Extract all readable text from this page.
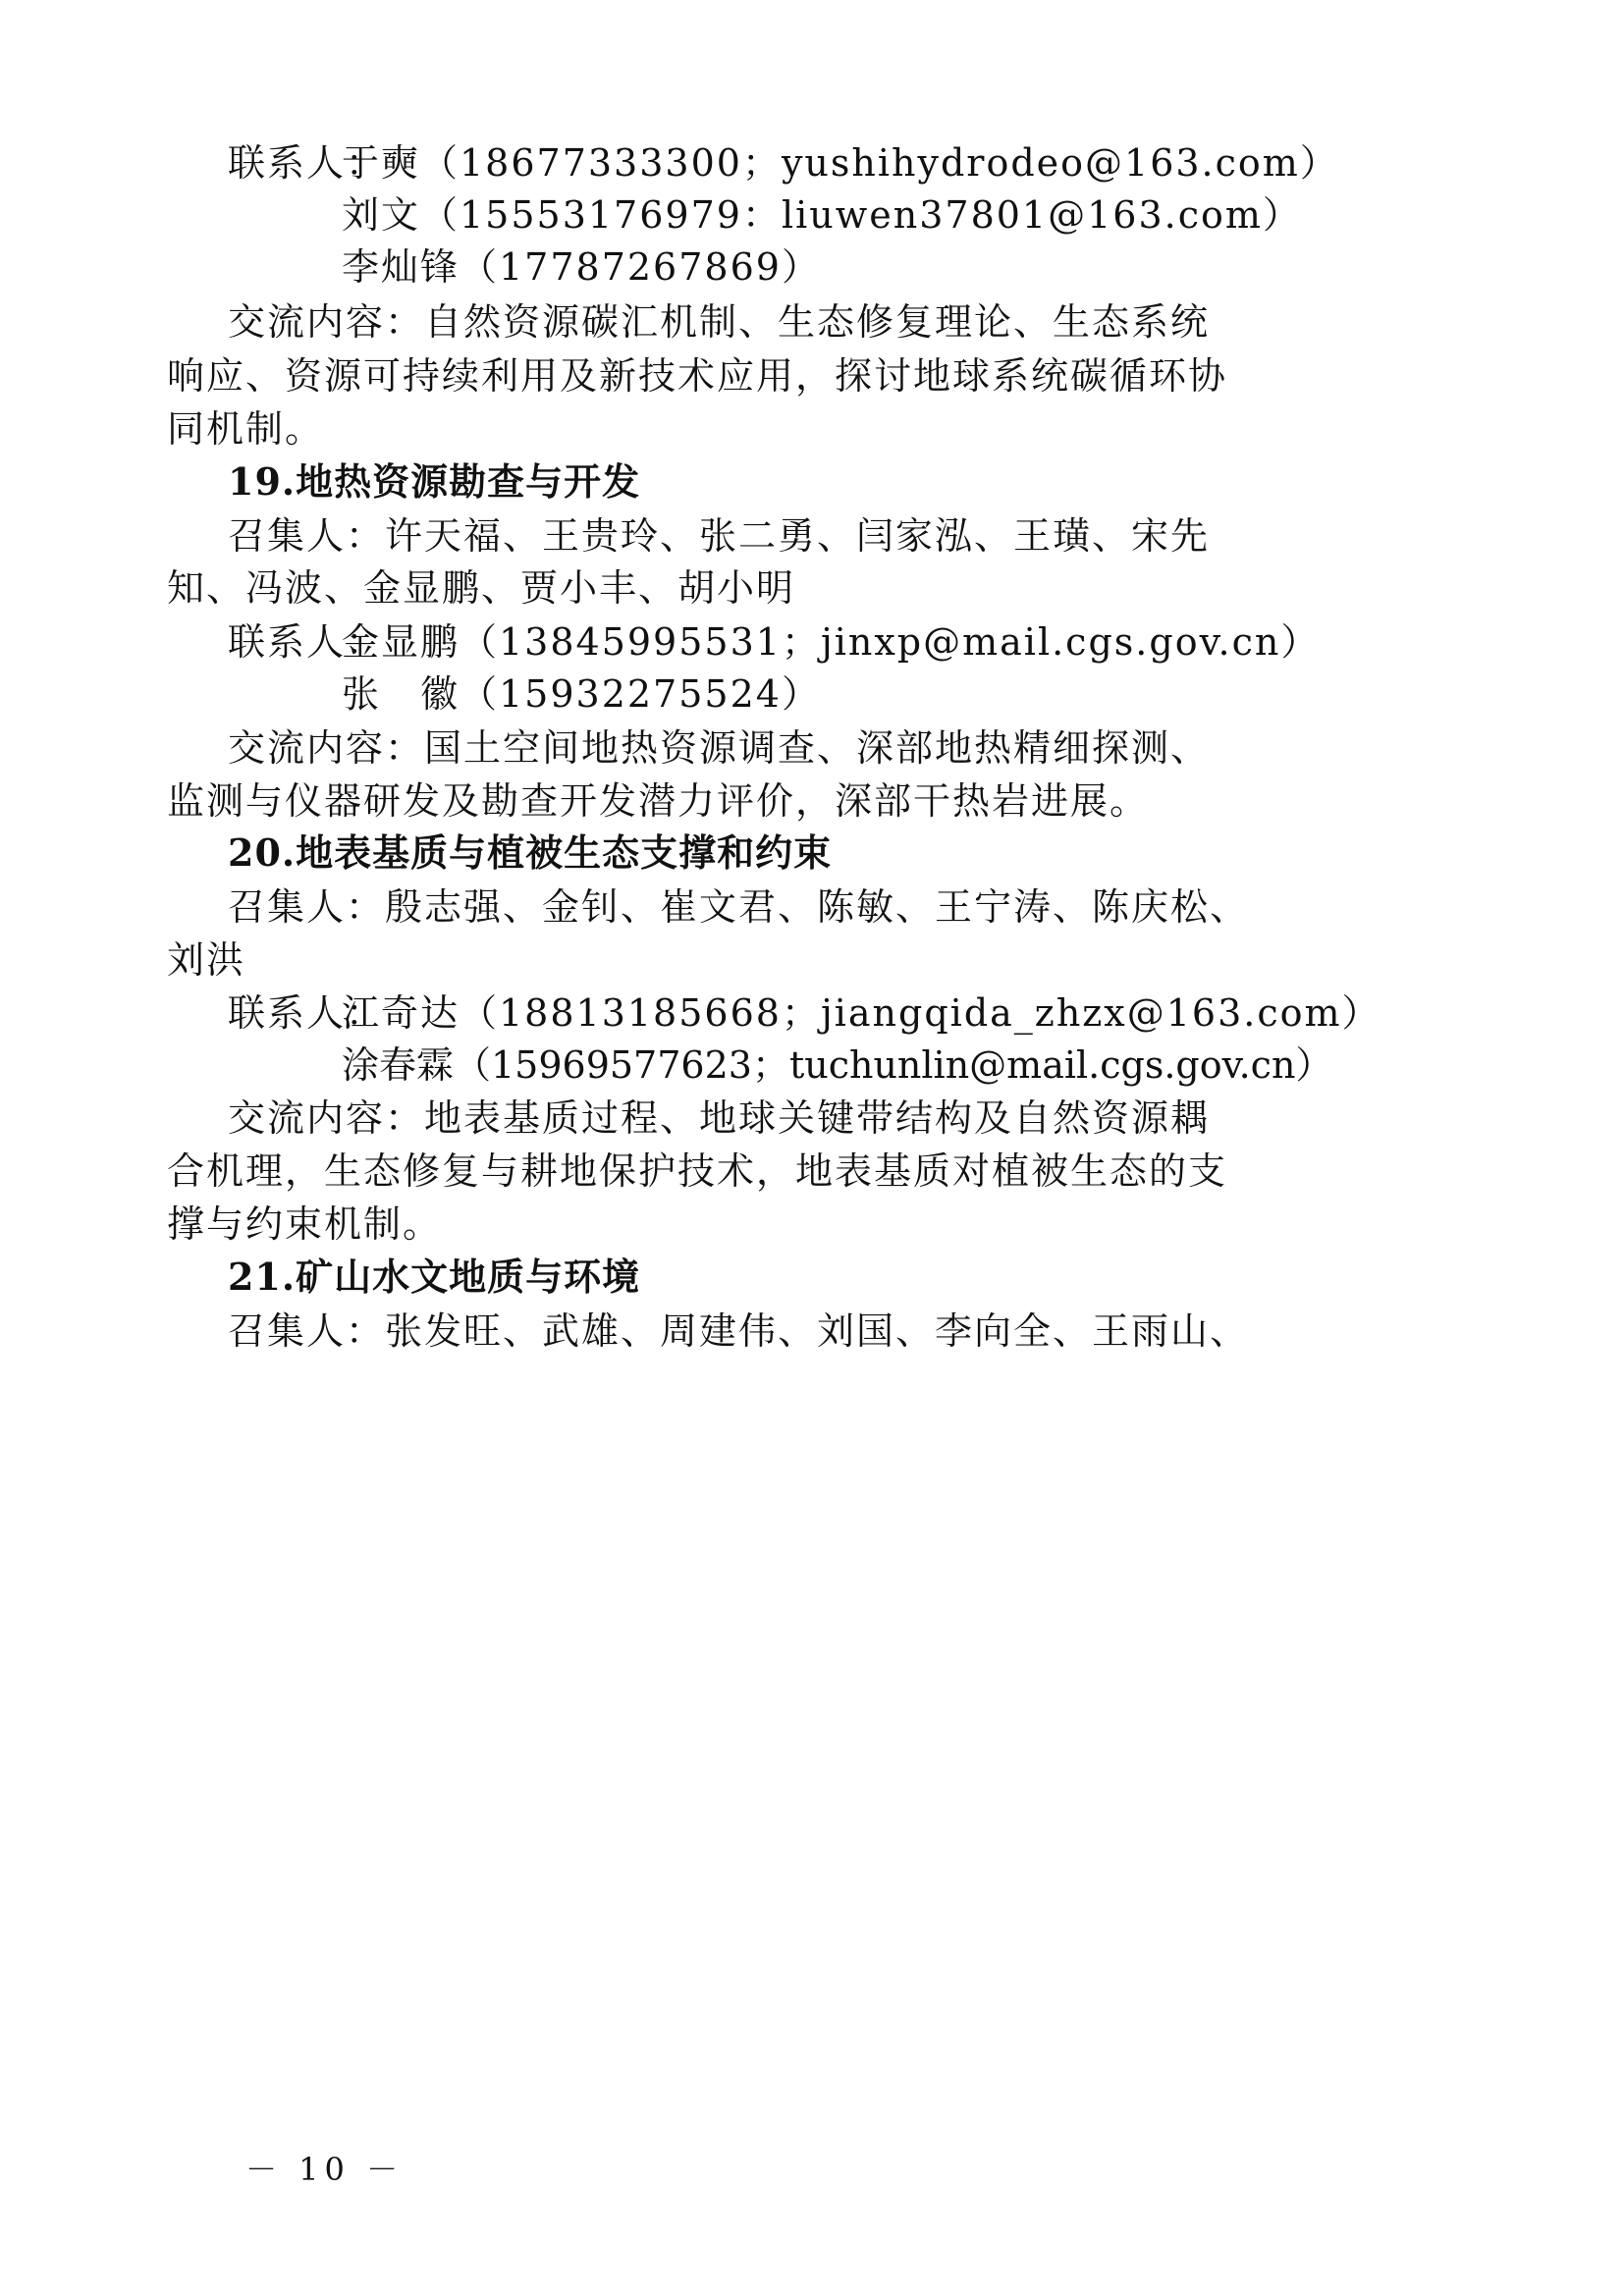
联系人：
于奭（18677333300；yushihydrodeo@163.com）
刘文（15553176979：liuwen37801@163.com）
李灿锋（17787267869）
交流内容：自然资源碳汇机制、生态修复理论、生态系统
响应、资源可持续利用及新技术应用，探讨地球系统碳循环协
同机制。
19.地热资源勘查与开发
召集人：许天福、王贵玲、张二勇、闫家泓、王璜、宋先
知、冯波、金显鹏、贾小丰、胡小明
联系人：
金显鹏（13845995531；jinxp@mail.cgs.gov.cn）
张　徽（15932275524）
交流内容：国土空间地热资源调查、深部地热精细探测、
监测与仪器研发及勘查开发潜力评价，深部干热岩进展。
20.地表基质与植被生态支撑和约束
召集人：殷志强、金钊、崔文君、陈敏、王宁涛、陈庆松、
刘洪
联系人：
江奇达（18813185668；jiangqida_zhzx@163.com）
涂春霖（15969577623；tuchunlin@mail.cgs.gov.cn）
交流内容：地表基质过程、地球关键带结构及自然资源耦
合机理，生态修复与耕地保护技术，地表基质对植被生态的支
撑与约束机制。
21.矿山水文地质与环境
召集人：张发旺、武雄、周建伟、刘国、李向全、王雨山、
－ 10 －
